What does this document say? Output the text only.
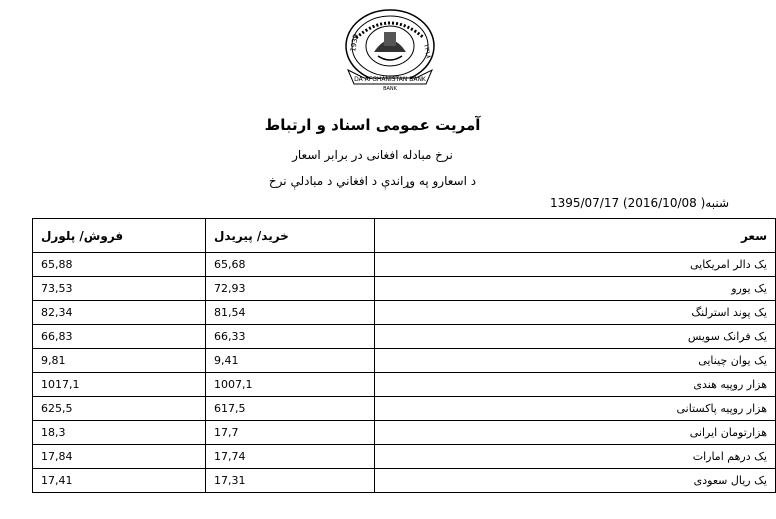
1939	١٣١٨
DA AFGHANISTAN BANK
BANK
آمریت عمومی اسناد و ارتباط
نرخ مبادله افغانی در برابر اسعار
د اسعارو په وړاندې د افغاني د مبادلې نرخ
1395/07/17 (2016/10/08 )شنبه
سعر	خرید/ پیریدل	فروش/ پلورل
یک دالر امریکایی	65,68	65,88
یک یورو	72,93	73,53
یک پوند استرلنگ	81,54	82,34
یک فرانک سویس	66,33	66,83
یک یوان چینایی	9,41	9,81
هزار روپیه هندی	1007,1	1017,1
هزار روپیه پاکستانی	617,5	625,5
هزارتومان ایرانی	17,7	18,3
یک درهم امارات	17,74	17,84
یک ریال سعودی	17,31	17,41
